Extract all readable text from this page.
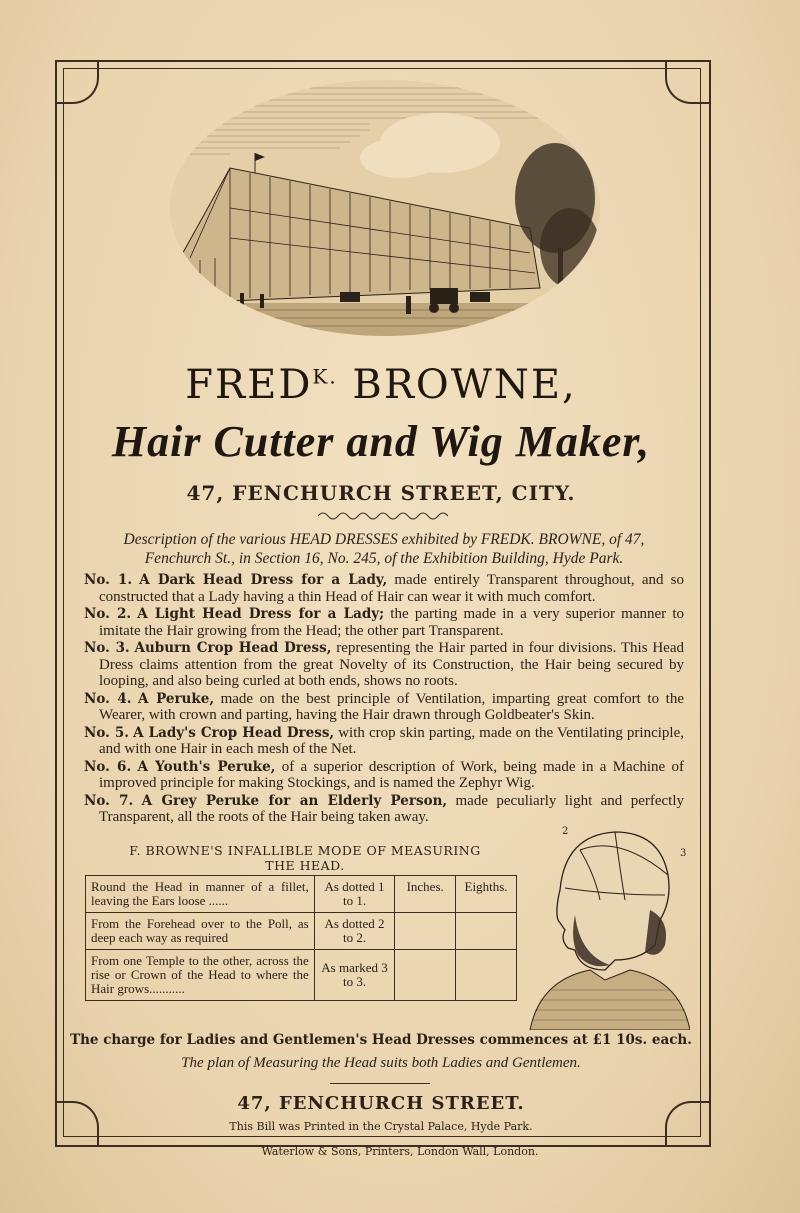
$FRED^{K.}$ BROWNE,
Hair Cutter and Wig Maker,
47, FENCHURCH STREET, CITY.
Description of the various HEAD DRESSES exhibited by FREDK. BROWNE, of 47,
Fenchurch St., in Section 16, No. 245, of the Exhibition Building, Hyde Park.
No. 1. A Dark Head Dress for a Lady, made entirely Transparent throughout, and so constructed that a Lady having a thin Head of Hair can wear it with much comfort.
No. 2. A Light Head Dress for a Lady; the parting made in a very superior manner to imitate the Hair growing from the Head; the other part Transparent.
No. 3. Auburn Crop Head Dress, representing the Hair parted in four divisions. This Head Dress claims attention from the great Novelty of its Construction, the Hair being secured by looping, and also being curled at both ends, shows no roots.
No. 4. A Peruke, made on the best principle of Ventilation, imparting great comfort to the Wearer, with crown and parting, having the Hair drawn through Goldbeater's Skin.
No. 5. A Lady's Crop Head Dress, with crop skin parting, made on the Ventilating principle, and with one Hair in each mesh of the Net.
No. 6. A Youth's Peruke, of a superior description of Work, being made in a Machine of improved principle for making Stockings, and is named the Zephyr Wig.
No. 7. A Grey Peruke for an Elderly Person, made peculiarly light and perfectly Transparent, all the roots of the Hair being taken away.
F. BROWNE'S INFALLIBLE MODE OF MEASURING
THE HEAD.
Round the Head in manner of a fillet, leaving the Ears loose ......	As dotted 1 to 1.	Inches.	Eighths.
From the Forehead over to the Poll, as deep each way as required	As dotted 2 to 2.		
From one Temple to the other, across the rise or Crown of the Head to where the Hair grows...........	As marked 3 to 3.		
2
3
The charge for Ladies and Gentlemen's Head Dresses commences at £1 10s. each.
The plan of Measuring the Head suits both Ladies and Gentlemen.
47, FENCHURCH STREET.
This Bill was Printed in the Crystal Palace, Hyde Park.
Waterlow & Sons, Printers, London Wall, London.
